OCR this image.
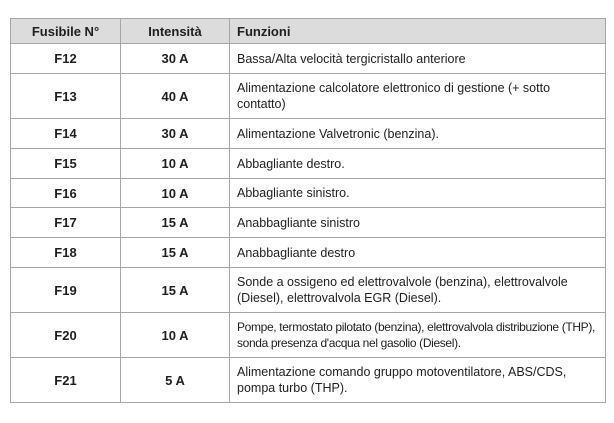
Fusibile N°	Intensità	Funzioni
F12	30 A	Bassa/Alta velocità tergicristallo anteriore
F13	40 A	Alimentazione calcolatore elettronico di gestione (+ sotto contatto)
F14	30 A	Alimentazione Valvetronic (benzina).
F15	10 A	Abbagliante destro.
F16	10 A	Abbagliante sinistro.
F17	15 A	Anabbagliante sinistro
F18	15 A	Anabbagliante destro
F19	15 A	Sonde a ossigeno ed elettrovalvole (benzina), elettrovalvole (Diesel), elettrovalvola EGR (Diesel).
F20	10 A	Pompe, termostato pilotato (benzina), elettrovalvola distribuzione (THP), sonda presenza d'acqua nel gasolio (Diesel).
F21	5 A	Alimentazione comando gruppo motoventilatore, ABS/CDS, pompa turbo (THP).
